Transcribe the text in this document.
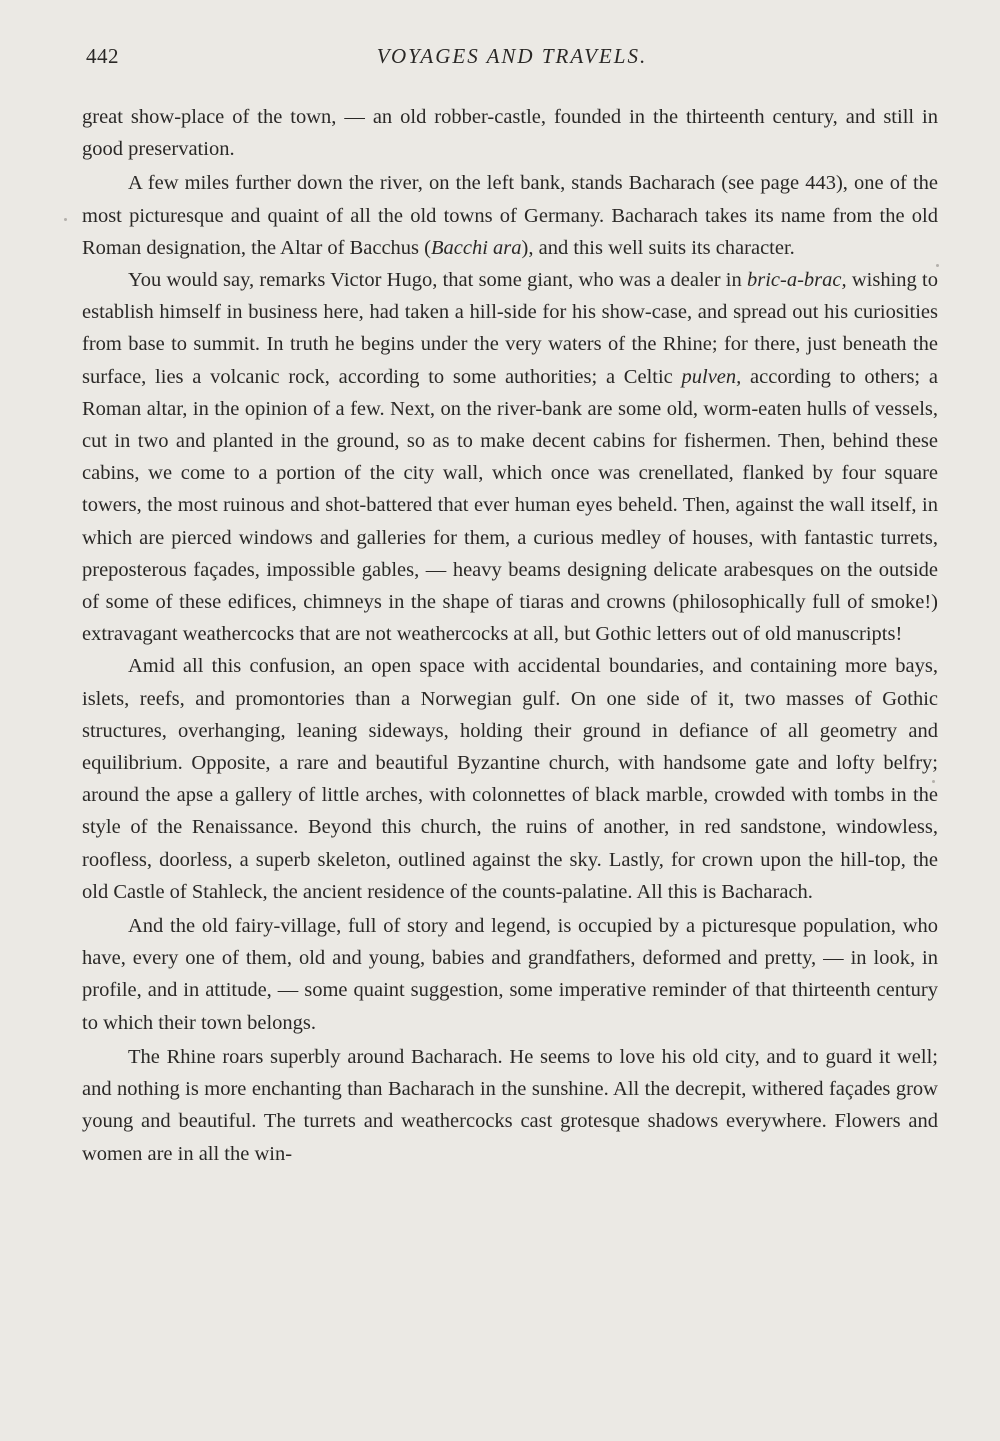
442	VOYAGES AND TRAVELS.

great show-place of the town, — an old robber-castle, founded in the thirteenth century, and still in good preservation.

A few miles further down the river, on the left bank, stands Bacharach (see page 443), one of the most picturesque and quaint of all the old towns of Germany. Bacharach takes its name from the old Roman designation, the Altar of Bacchus (Bacchi ara), and this well suits its character.

You would say, remarks Victor Hugo, that some giant, who was a dealer in bric-a-brac, wishing to establish himself in business here, had taken a hill-side for his show-case, and spread out his curiosities from base to summit. In truth he begins under the very waters of the Rhine; for there, just beneath the surface, lies a volcanic rock, according to some authorities; a Celtic pulven, according to others; a Roman altar, in the opinion of a few. Next, on the river-bank are some old, worm-eaten hulls of vessels, cut in two and planted in the ground, so as to make decent cabins for fishermen. Then, behind these cabins, we come to a portion of the city wall, which once was crenellated, flanked by four square towers, the most ruinous and shot-battered that ever human eyes beheld. Then, against the wall itself, in which are pierced windows and galleries for them, a curious medley of houses, with fantastic turrets, preposterous façades, impossible gables, — heavy beams designing delicate arabesques on the outside of some of these edifices, chimneys in the shape of tiaras and crowns (philosophically full of smoke!) extravagant weathercocks that are not weathercocks at all, but Gothic letters out of old manuscripts!

Amid all this confusion, an open space with accidental boundaries, and containing more bays, islets, reefs, and promontories than a Norwegian gulf. On one side of it, two masses of Gothic structures, overhanging, leaning sideways, holding their ground in defiance of all geometry and equilibrium. Opposite, a rare and beautiful Byzantine church, with handsome gate and lofty belfry; around the apse a gallery of little arches, with colonnettes of black marble, crowded with tombs in the style of the Renaissance. Beyond this church, the ruins of another, in red sandstone, windowless, roofless, doorless, a superb skeleton, outlined against the sky. Lastly, for crown upon the hill-top, the old Castle of Stahleck, the ancient residence of the counts-palatine. All this is Bacharach.

And the old fairy-village, full of story and legend, is occupied by a picturesque population, who have, every one of them, old and young, babies and grandfathers, deformed and pretty, — in look, in profile, and in attitude, — some quaint suggestion, some imperative reminder of that thirteenth century to which their town belongs.

The Rhine roars superbly around Bacharach. He seems to love his old city, and to guard it well; and nothing is more enchanting than Bacharach in the sunshine. All the decrepit, withered façades grow young and beautiful. The turrets and weathercocks cast grotesque shadows everywhere. Flowers and women are in all the win-
